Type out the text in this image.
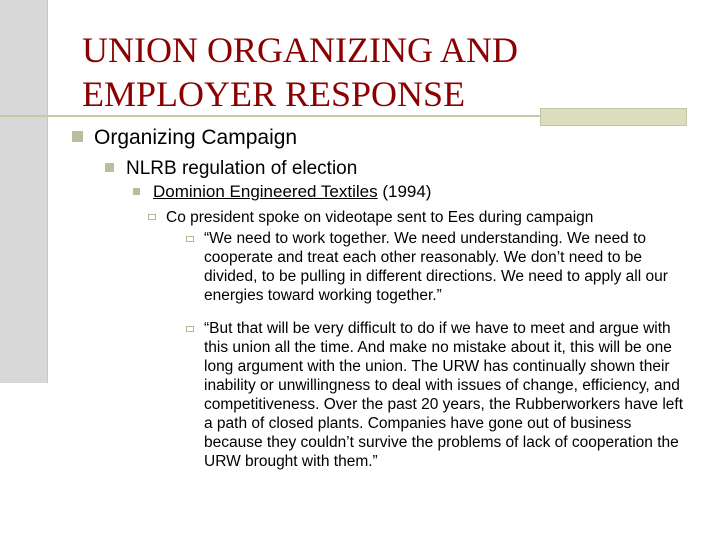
UNION ORGANIZING AND
EMPLOYER RESPONSE
Organizing Campaign
NLRB regulation of election
Dominion Engineered Textiles (1994)
Co president spoke on videotape sent to Ees during campaign
“We need to work together. We need understanding. We need to cooperate and treat each other reasonably. We don’t need to be divided, to be pulling in different directions. We need to apply all our energies toward working together.”
“But that will be very difficult to do if we have to meet and argue with this union all the time. And make no mistake about it, this will be one long argument with the union. The URW has continually shown their inability or unwillingness to deal with issues of change, efficiency, and competitiveness. Over the past 20 years, the Rubberworkers have left a path of closed plants. Companies have gone out of business because they couldn’t survive the problems of lack of cooperation the URW brought with them.”
